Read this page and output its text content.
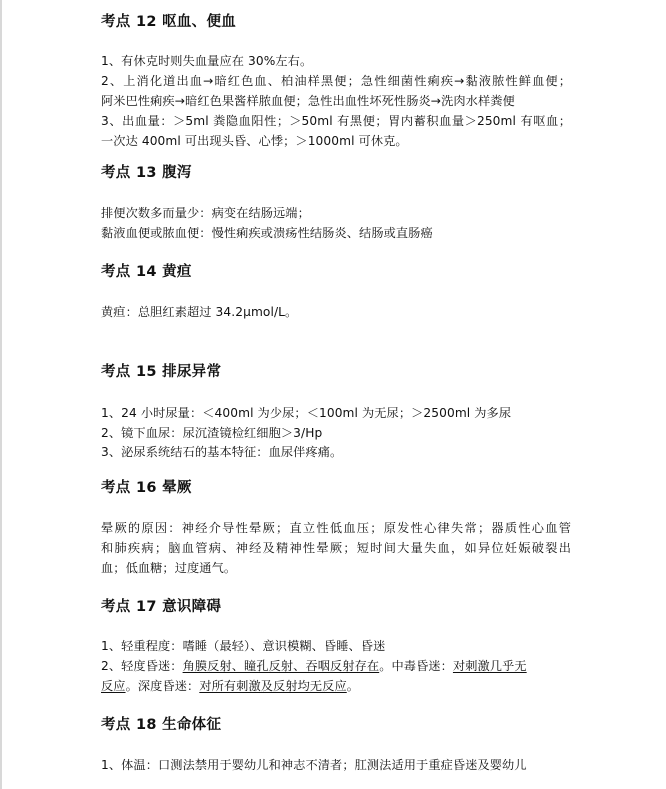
考点 12 呕血、便血
1、有休克时则失血量应在 30%左右。
2、上消化道出血→暗红色血、柏油样黑便；急性细菌性痢疾→黏液脓性鲜血便；
阿米巴性痢疾→暗红色果酱样脓血便；急性出血性坏死性肠炎→洗肉水样粪便
3、出血量：＞5ml 粪隐血阳性；＞50ml 有黑便；胃内蓄积血量＞250ml 有呕血；
一次达 400ml 可出现头昏、心悸；＞1000ml 可休克。
考点 13 腹泻
排便次数多而量少：病变在结肠远端；
黏液血便或脓血便：慢性痢疾或溃疡性结肠炎、结肠或直肠癌
考点 14 黄疸
黄疸：总胆红素超过 34.2μmol/L。
考点 15 排尿异常
1、24 小时尿量：＜400ml 为少尿；＜100ml 为无尿；＞2500ml 为多尿
2、镜下血尿：尿沉渣镜检红细胞＞3/Hp
3、泌尿系统结石的基本特征：血尿伴疼痛。
考点 16 晕厥
晕厥的原因：神经介导性晕厥；直立性低血压；原发性心律失常；器质性心血管
和肺疾病；脑血管病、神经及精神性晕厥；短时间大量失血，如异位妊娠破裂出
血；低血糖；过度通气。
考点 17 意识障碍
1、轻重程度：嗜睡（最轻）、意识模糊、昏睡、昏迷
2、轻度昏迷：角膜反射、瞳孔反射、吞咽反射存在。中毒昏迷：对刺激几乎无
反应。深度昏迷：对所有刺激及反射均无反应。
考点 18 生命体征
1、体温：口测法禁用于婴幼儿和神志不清者；肛测法适用于重症昏迷及婴幼儿
